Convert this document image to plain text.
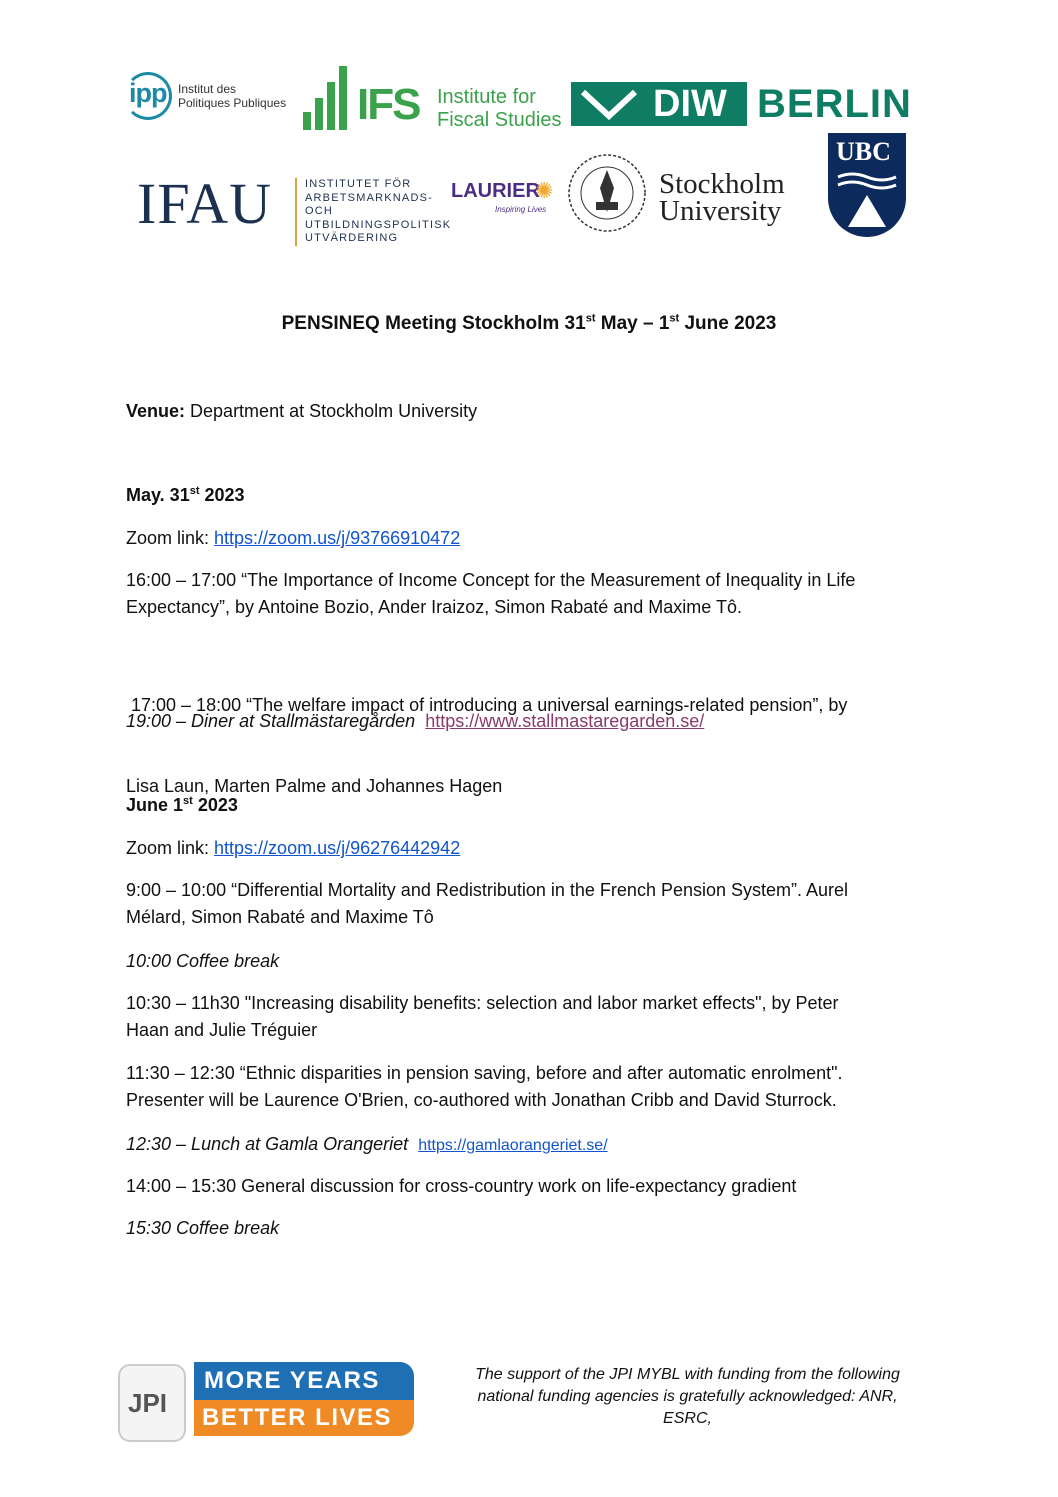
ipp Institut des
Politiques Publiques IFS Institute for
Fiscal Studies DIW BERLIN
IFAU	INSTITUTET FÖR
ARBETSMARKNADS- OCH
UTBILDNINGSPOLITISK
UTVÄRDERING
LAURIER
✺
Inspiring Lives
Stockholm
University
UBC
PENSINEQ Meeting Stockholm 31st May – 1st June 2023
Venue: Department at Stockholm University
May. 31st 2023
Zoom link: https://zoom.us/j/93766910472
16:00 – 17:00 “The Importance of Income Concept for the Measurement of Inequality in Life
Expectancy”, by Antoine Bozio, Ander Iraizoz, Simon Rabaté and Maxime Tô.

17:00 – 18:00 “The welfare impact of introducing a universal earnings-related pension”, by

Lisa Laun, Marten Palme and Johannes Hagen

19:00 – Diner at Stallmästaregården https://www.stallmastaregarden.se/
June 1st 2023
Zoom link: https://zoom.us/j/96276442942
9:00 – 10:00 “Differential Mortality and Redistribution in the French Pension System”. Aurel
Mélard, Simon Rabaté and Maxime Tô
10:00 Coffee break
10:30 – 11h30 "Increasing disability benefits: selection and labor market effects", by Peter
Haan and Julie Tréguier
11:30 – 12:30 “Ethnic disparities in pension saving, before and after automatic enrolment".
Presenter will be Laurence O'Brien, co-authored with Jonathan Cribb and David Sturrock.
12:30 – Lunch at Gamla Orangeriet https://gamlaorangeriet.se/
14:00 – 15:30 General discussion for cross-country work on life-expectancy gradient
15:30 Coffee break
JPI
MORE YEARS
BETTER LIVES
The support of the JPI MYBL with funding from the following
national funding agencies is gratefully acknowledged: ANR,
ESRC,
